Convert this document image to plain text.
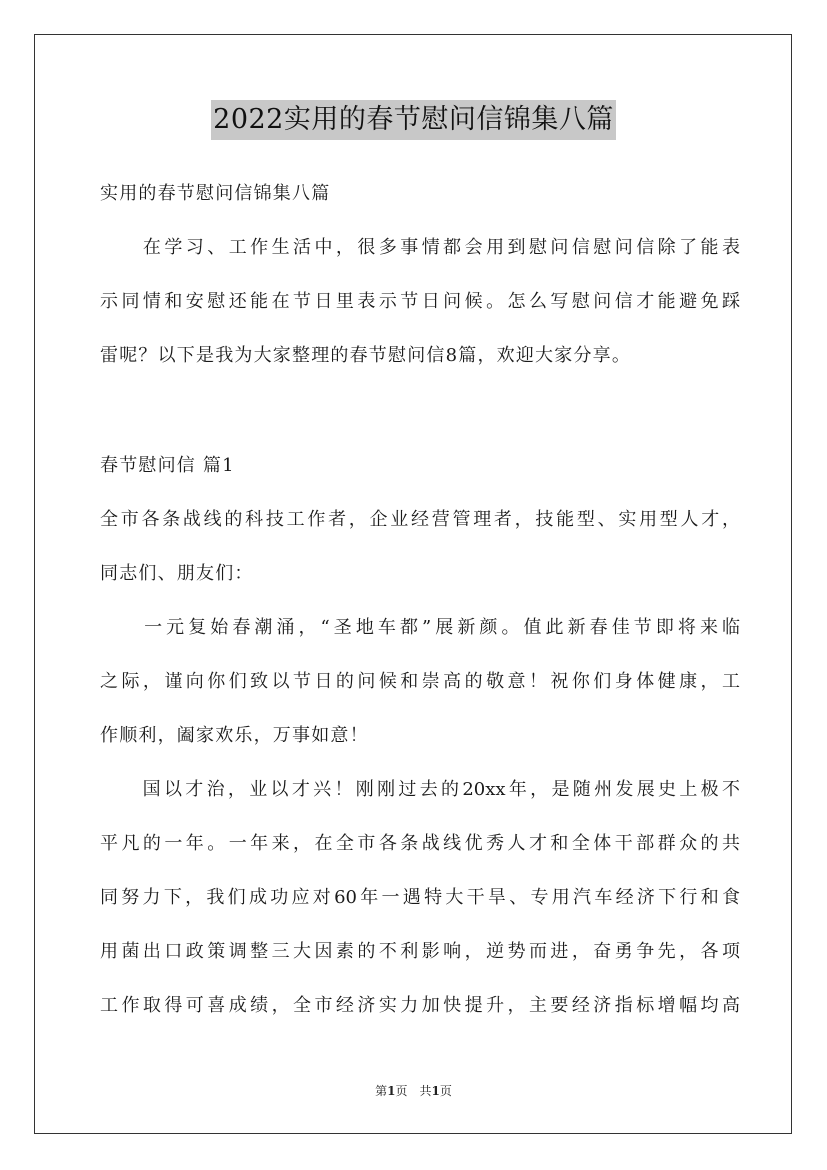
2022实用的春节慰问信锦集八篇
实用的春节慰问信锦集八篇
　　在学习、工作生活中，很多事情都会用到慰问信慰问信除了能表
示同情和安慰还能在节日里表示节日问候。怎么写慰问信才能避免踩
雷呢？以下是我为大家整理的春节慰问信8篇，欢迎大家分享。
春节慰问信 篇1
全市各条战线的科技工作者，企业经营管理者，技能型、实用型人才，
同志们、朋友们：
　　一元复始春潮涌，“圣地车都”展新颜。值此新春佳节即将来临
之际，谨向你们致以节日的问候和崇高的敬意！祝你们身体健康，工
作顺利，阖家欢乐，万事如意！
　　国以才治，业以才兴！刚刚过去的20xx年，是随州发展史上极不
平凡的一年。一年来，在全市各条战线优秀人才和全体干部群众的共
同努力下，我们成功应对60年一遇特大干旱、专用汽车经济下行和食
用菌出口政策调整三大因素的不利影响，逆势而进，奋勇争先，各项
工作取得可喜成绩，全市经济实力加快提升，主要经济指标增幅均高
第1页　共1页
